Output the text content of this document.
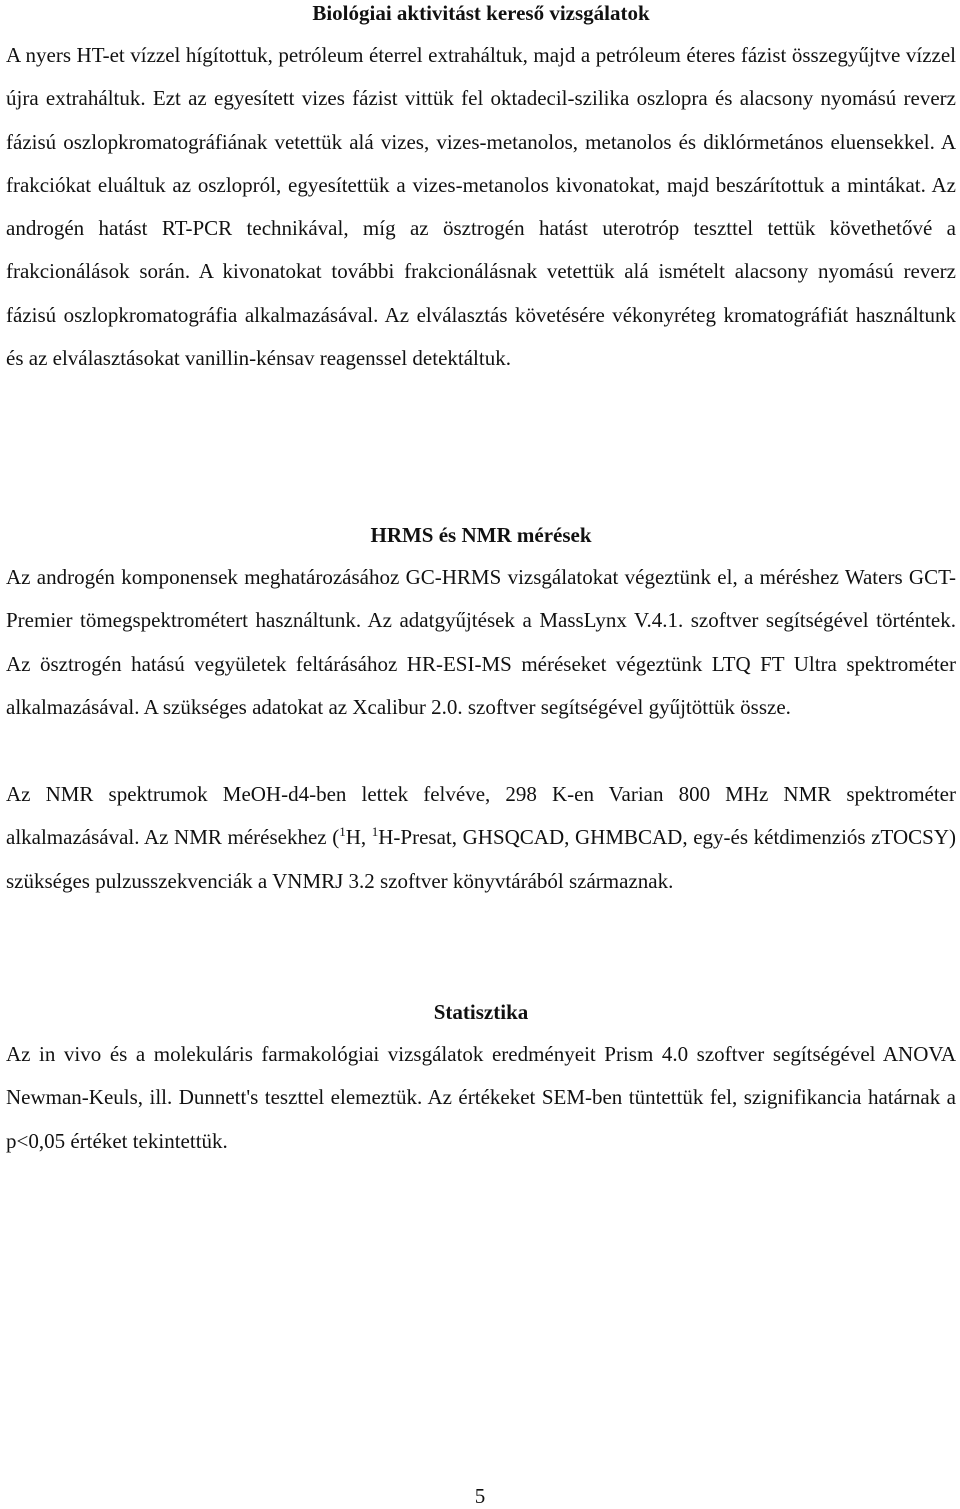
Biológiai aktivitást kereső vizsgálatok

A nyers HT-et vízzel hígítottuk, petróleum éterrel extraháltuk, majd a petróleum éteres fázist összegyűjtve vízzel újra extraháltuk. Ezt az egyesített vizes fázist vittük fel oktadecil-szilika oszlopra és alacsony nyomású reverz fázisú oszlopkromatográfiának vetettük alá vizes, vizes-metanolos, metanolos és diklórmetános eluensekkel. A frakciókat eluáltuk az oszlopról, egyesítettük a vizes-metanolos kivonatokat, majd beszárítottuk a mintákat. Az androgén hatást RT-PCR technikával, míg az ösztrogén hatást uterotróp teszttel tettük követhetővé a frakcionálások során. A kivonatokat további frakcionálásnak vetettük alá ismételt alacsony nyomású reverz fázisú oszlopkromatográfia alkalmazásával. Az elválasztás követésére vékonyréteg kromatográfiát használtunk és az elválasztásokat vanillin-kénsav reagenssel detektáltuk.

HRMS és NMR mérések

Az androgén komponensek meghatározásához GC-HRMS vizsgálatokat végeztünk el, a méréshez Waters GCT-Premier tömegspektrométert használtunk. Az adatgyűjtések a MassLynx V.4.1. szoftver segítségével történtek. Az ösztrogén hatású vegyületek feltárásához HR-ESI-MS méréseket végeztünk LTQ FT Ultra spektrométer alkalmazásával. A szükséges adatokat az Xcalibur 2.0. szoftver segítségével gyűjtöttük össze.

Az NMR spektrumok MeOH-d4-ben lettek felvéve, 298 K-en Varian 800 MHz NMR spektrométer alkalmazásával. Az NMR mérésekhez ($^1$H, $^1$H-Presat, GHSQCAD, GHMBCAD, egy-és kétdimenziós zTOCSY) szükséges pulzusszekvenciák a VNMRJ 3.2 szoftver könyvtárából származnak.

Statisztika

Az in vivo és a molekuláris farmakológiai vizsgálatok eredményeit Prism 4.0 szoftver segítségével ANOVA Newman-Keuls, ill. Dunnett's teszttel elemeztük. Az értékeket SEM-ben tüntettük fel, szignifikancia határnak a p<0,05 értéket tekintettük.

5
